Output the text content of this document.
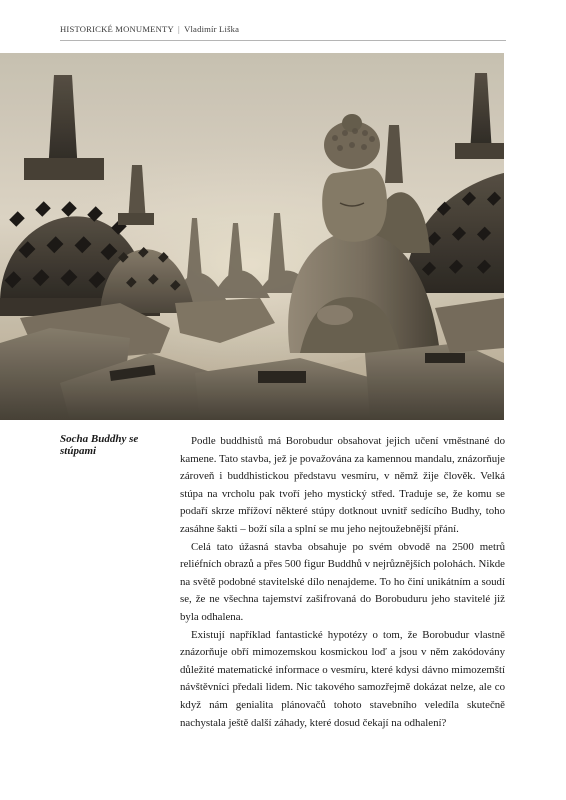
HISTORICKÉ MONUMENTY | Vladimír Liška
Socha Buddhy se stúpami

Podle buddhistů má Borobudur obsahovat jejich učení vměstnané do kamene. Tato stavba, jež je považována za kamennou mandalu, znázorňuje zároveň i buddhistickou představu vesmíru, v němž žije člověk. Velká stúpa na vrcholu pak tvoří jeho mystický střed. Traduje se, že komu se podaří skrze mřížoví některé stúpy dotknout uvnitř sedícího Budhy, toho zasáhne šakti – boží síla a splní se mu jeho nejtoužebnější přání.

Celá tato úžasná stavba obsahuje po svém obvodě na 2500 metrů reliéfních obrazů a přes 500 figur Buddhů v nejrůznějších polohách. Nikde na světě podobné stavitelské dílo nenajdeme. To ho činí unikátním a soudí se, že ne všechna tajemství zašifrovaná do Borobuduru jeho stavitelé již byla odhalena.

Existují například fantastické hypotézy o tom, že Borobudur vlastně znázorňuje obří mimozemskou kosmickou loď a jsou v něm zakódovány důležité matematické informace o vesmíru, které kdysi dávno mimozemští návštěvníci předali lidem. Nic takového samozřejmě dokázat nelze, ale co když nám genialita plánovačů tohoto stavebního veledíla skutečně nachystala ještě další záhady, které dosud čekají na odhalení?
